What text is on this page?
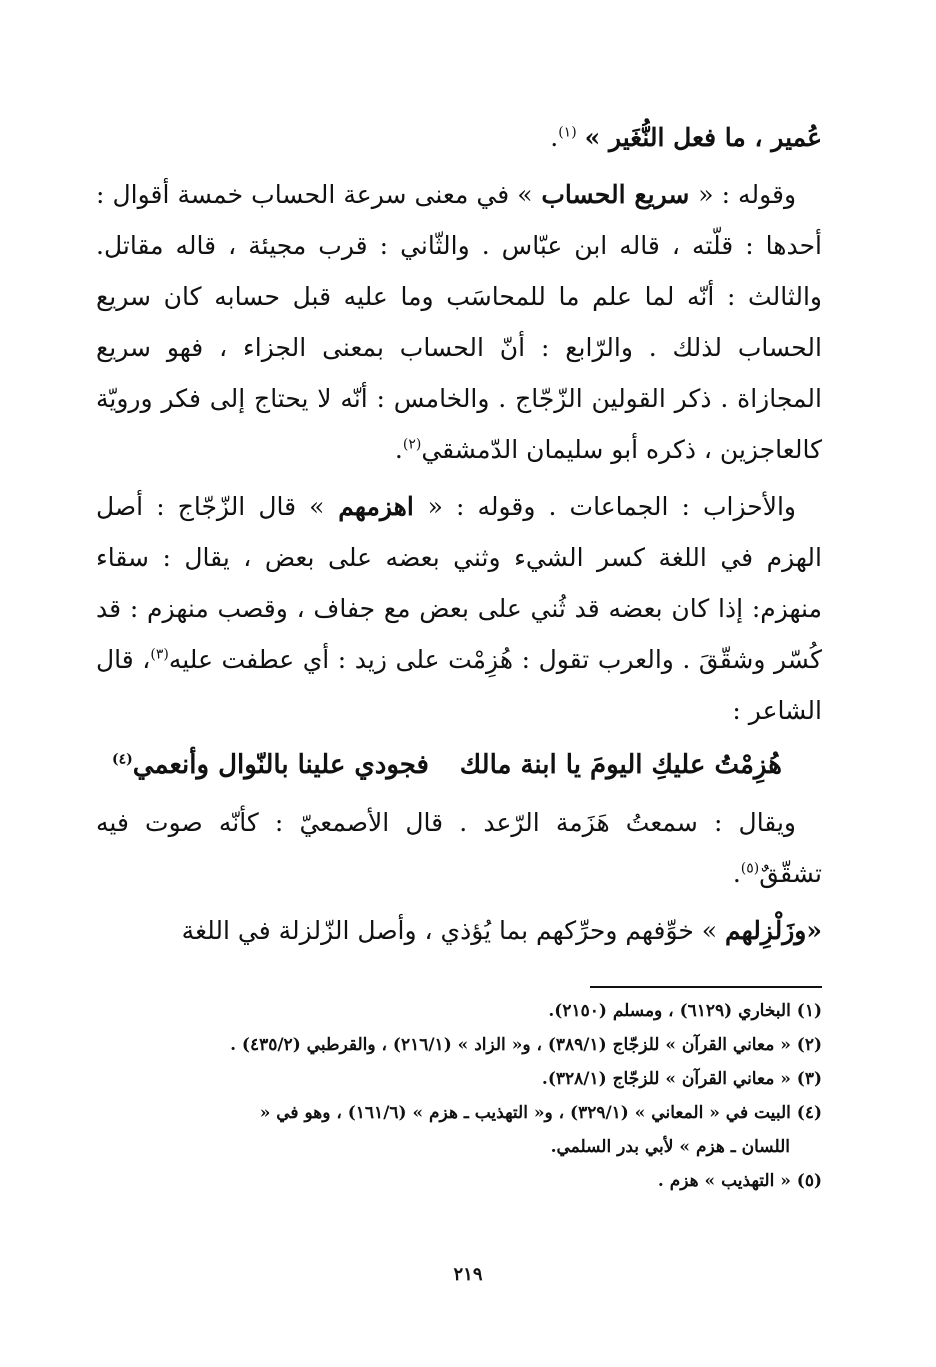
عُمير ، ما فعل النُّغَير » $^{(١)}$.

وقوله : « سريع الحساب » في معنى سرعة الحساب خمسة أقوال : أحدها : قلّته ، قاله ابن عبّاس . والثّاني : قرب مجيئة ، قاله مقاتل. والثالث : أنّه لما علم ما للمحاسَب وما عليه قبل حسابه كان سريع الحساب لذلك . والرّابع : أنّ الحساب بمعنى الجزاء ، فهو سريع المجازاة . ذكر القولين الزّجّاج . والخامس : أنّه لا يحتاج إلى فكر ورويّة كالعاجزين ، ذكره أبو سليمان الدّمشقي$^{(٢)}$.

والأحزاب : الجماعات . وقوله : « اهزمهم » قال الزّجّاج : أصل الهزم في اللغة كسر الشيء وثني بعضه على بعض ، يقال : سقاء منهزم: إذا كان بعضه قد ثُني على بعض مع جفاف ، وقصب منهزم : قد كُسّر وشقّقَ . والعرب تقول : هُزِمْت على زيد : أي عطفت عليه$^{(٣)}$، قال الشاعر :

هُزِمْتُ عليكِ اليومَ يا ابنة مالك
فجودي علينا بالنّوال وأنعمي$^{(٤)}$

ويقال : سمعتُ هَزَمة الرّعد . قال الأصمعيّ : كأنّه صوت فيه تشقّقٌ$^{(٥)}$.

«وزَلْزِلهم » خوِّفهم وحرِّكهم بما يُؤذي ، وأصل الزّلزلة في اللغة

(١) البخاري (٦١٢٩) ، ومسلم (٢١٥٠).

(٢) « معاني القرآن » للزجّاج (٣٨٩/١) ، و« الزاد » (٢١٦/١) ، والقرطبي (٤٣٥/٢) .

(٣) « معاني القرآن » للزجّاج (٣٢٨/١).

(٤) البيت في « المعاني » (٣٢٩/١) ، و« التهذيب ـ هزم » (١٦١/٦) ، وهو في «

اللسان ـ هزم » لأبي بدر السلمي.

(٥) « التهذيب » هزم .

٢١٩
